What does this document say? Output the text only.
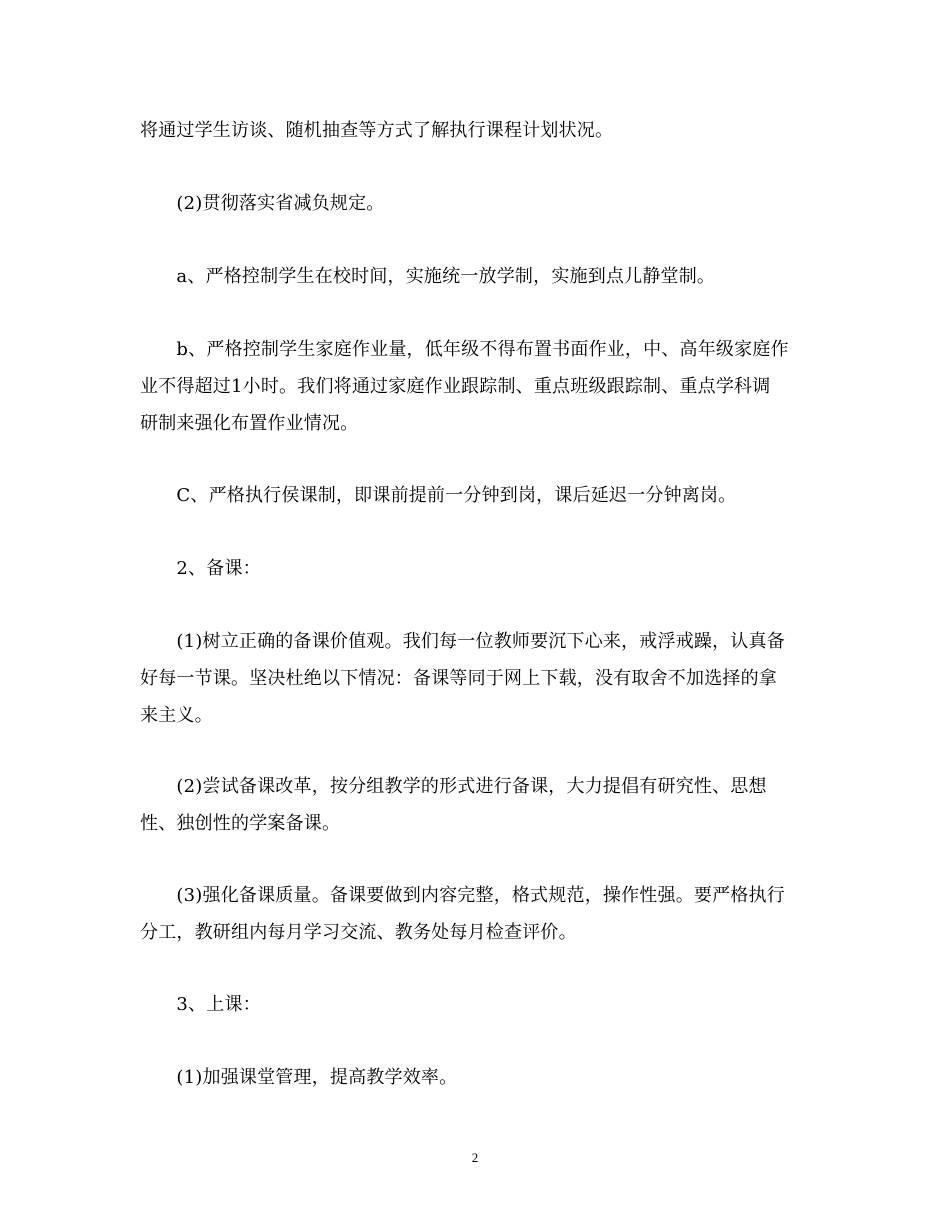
将通过学生访谈、随机抽查等方式了解执行课程计划状况。
　　(2)贯彻落实省减负规定。
　　a、严格控制学生在校时间，实施统一放学制，实施到点儿静堂制。
　　b、严格控制学生家庭作业量，低年级不得布置书面作业，中、高年级家庭作
业不得超过1小时。我们将通过家庭作业跟踪制、重点班级跟踪制、重点学科调
研制来强化布置作业情况。
　　C、严格执行侯课制，即课前提前一分钟到岗，课后延迟一分钟离岗。
　　2、备课：
　　(1)树立正确的备课价值观。我们每一位教师要沉下心来，戒浮戒躁，认真备
好每一节课。坚决杜绝以下情况：备课等同于网上下载，没有取舍不加选择的拿
来主义。
　　(2)尝试备课改革，按分组教学的形式进行备课，大力提倡有研究性、思想
性、独创性的学案备课。
　　(3)强化备课质量。备课要做到内容完整，格式规范，操作性强。要严格执行
分工，教研组内每月学习交流、教务处每月检查评价。
　　3、上课：
　　(1)加强课堂管理，提高教学效率。
2
